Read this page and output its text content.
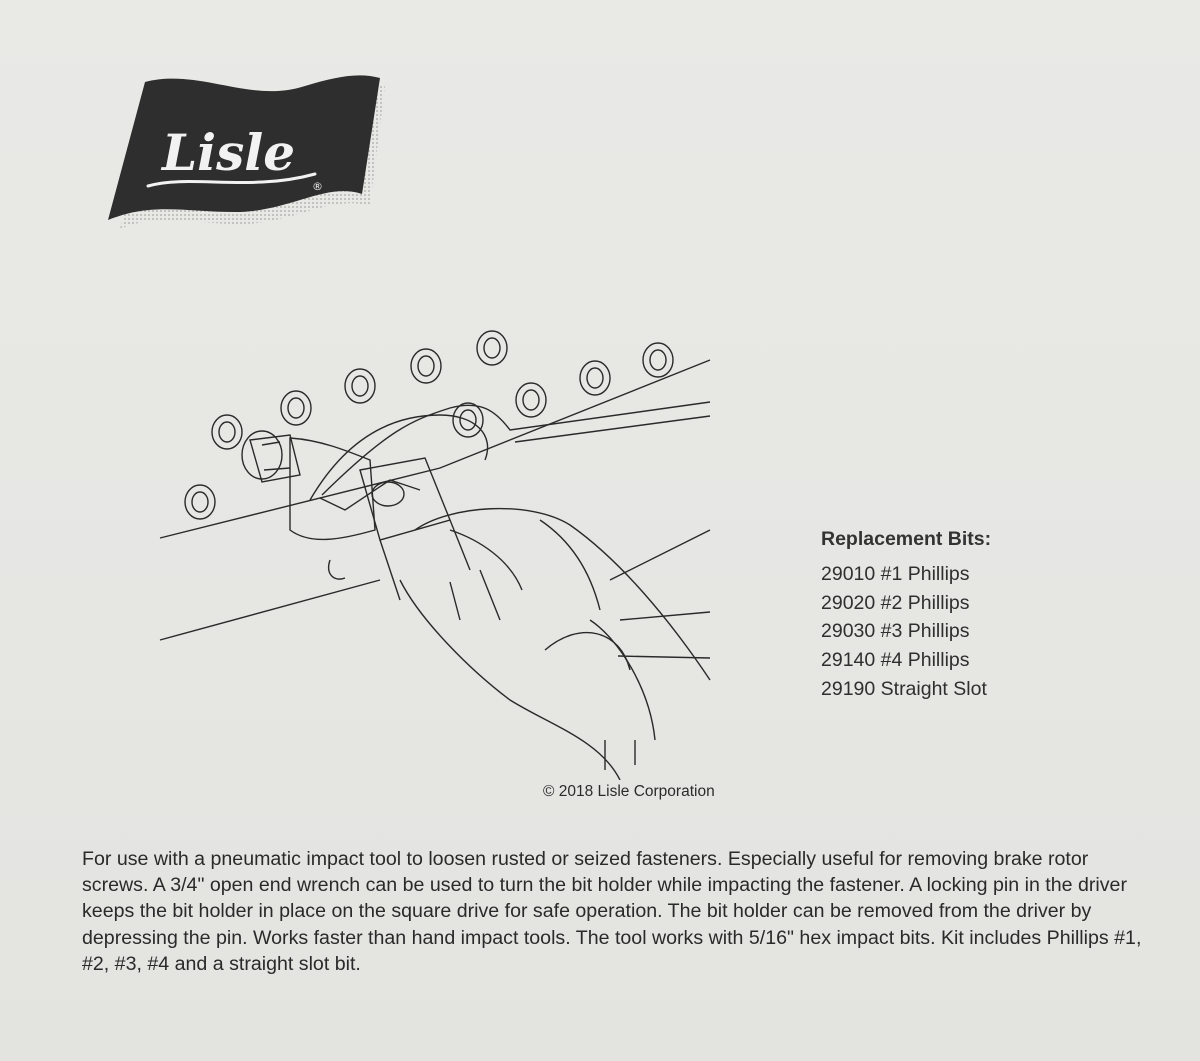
Lisle
®
© 2018 Lisle Corporation
Replacement Bits:
29010 #1 Phillips
29020 #2 Phillips
29030 #3 Phillips
29140 #4 Phillips
29190 Straight Slot

For use with a pneumatic impact tool to loosen rusted or seized fasteners. Especially useful for removing brake rotor screws. A 3/4" open end wrench can be used to turn the bit holder while impacting the fastener. A locking pin in the driver keeps the bit holder in place on the square drive for safe operation. The bit holder can be removed from the driver by depressing the pin. Works faster than hand impact tools. The tool works with 5/16" hex impact bits. Kit includes Phillips #1, #2, #3, #4 and a straight slot bit.
